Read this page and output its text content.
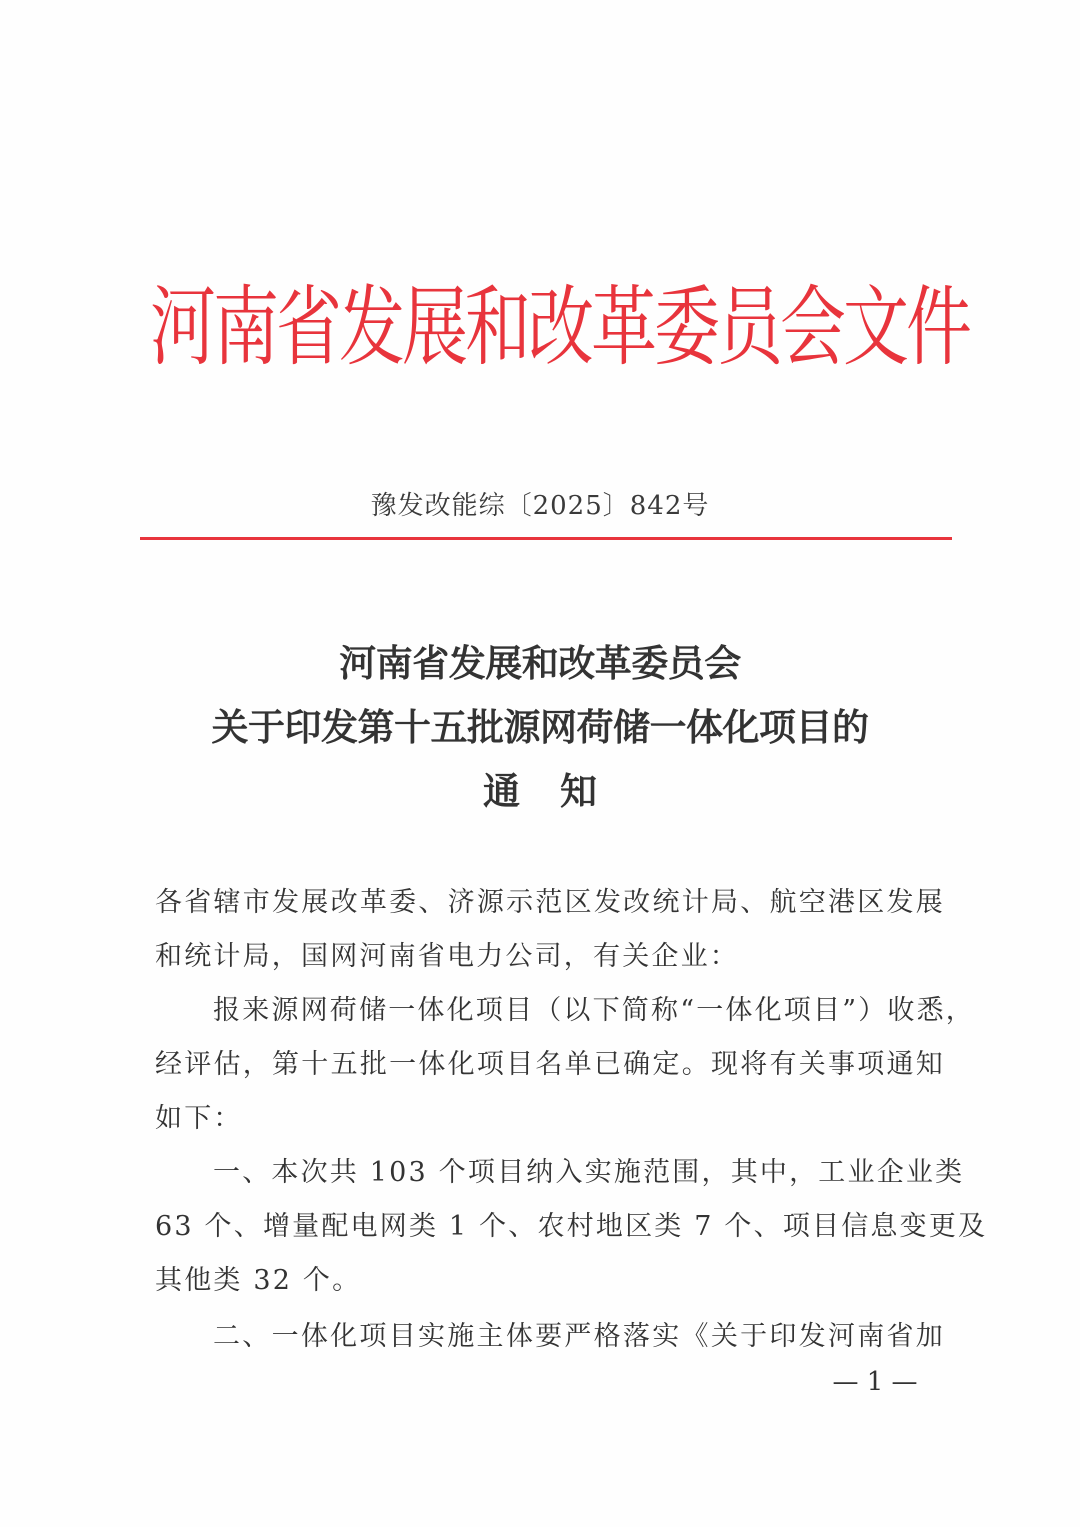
河南省发展和改革委员会文件
豫发改能综〔2025〕842号
河南省发展和改革委员会
关于印发第十五批源网荷储一体化项目的
通知
各省辖市发展改革委、济源示范区发改统计局、航空港区发展
和统计局，国网河南省电力公司，有关企业：
报来源网荷储一体化项目（以下简称“一体化项目”）收悉，
经评估，第十五批一体化项目名单已确定。现将有关事项通知
如下：
一、本次共 103 个项目纳入实施范围，其中，工业企业类
63 个、增量配电网类 1 个、农村地区类 7 个、项目信息变更及
其他类 32 个。
二、一体化项目实施主体要严格落实《关于印发河南省加
— 1 —
